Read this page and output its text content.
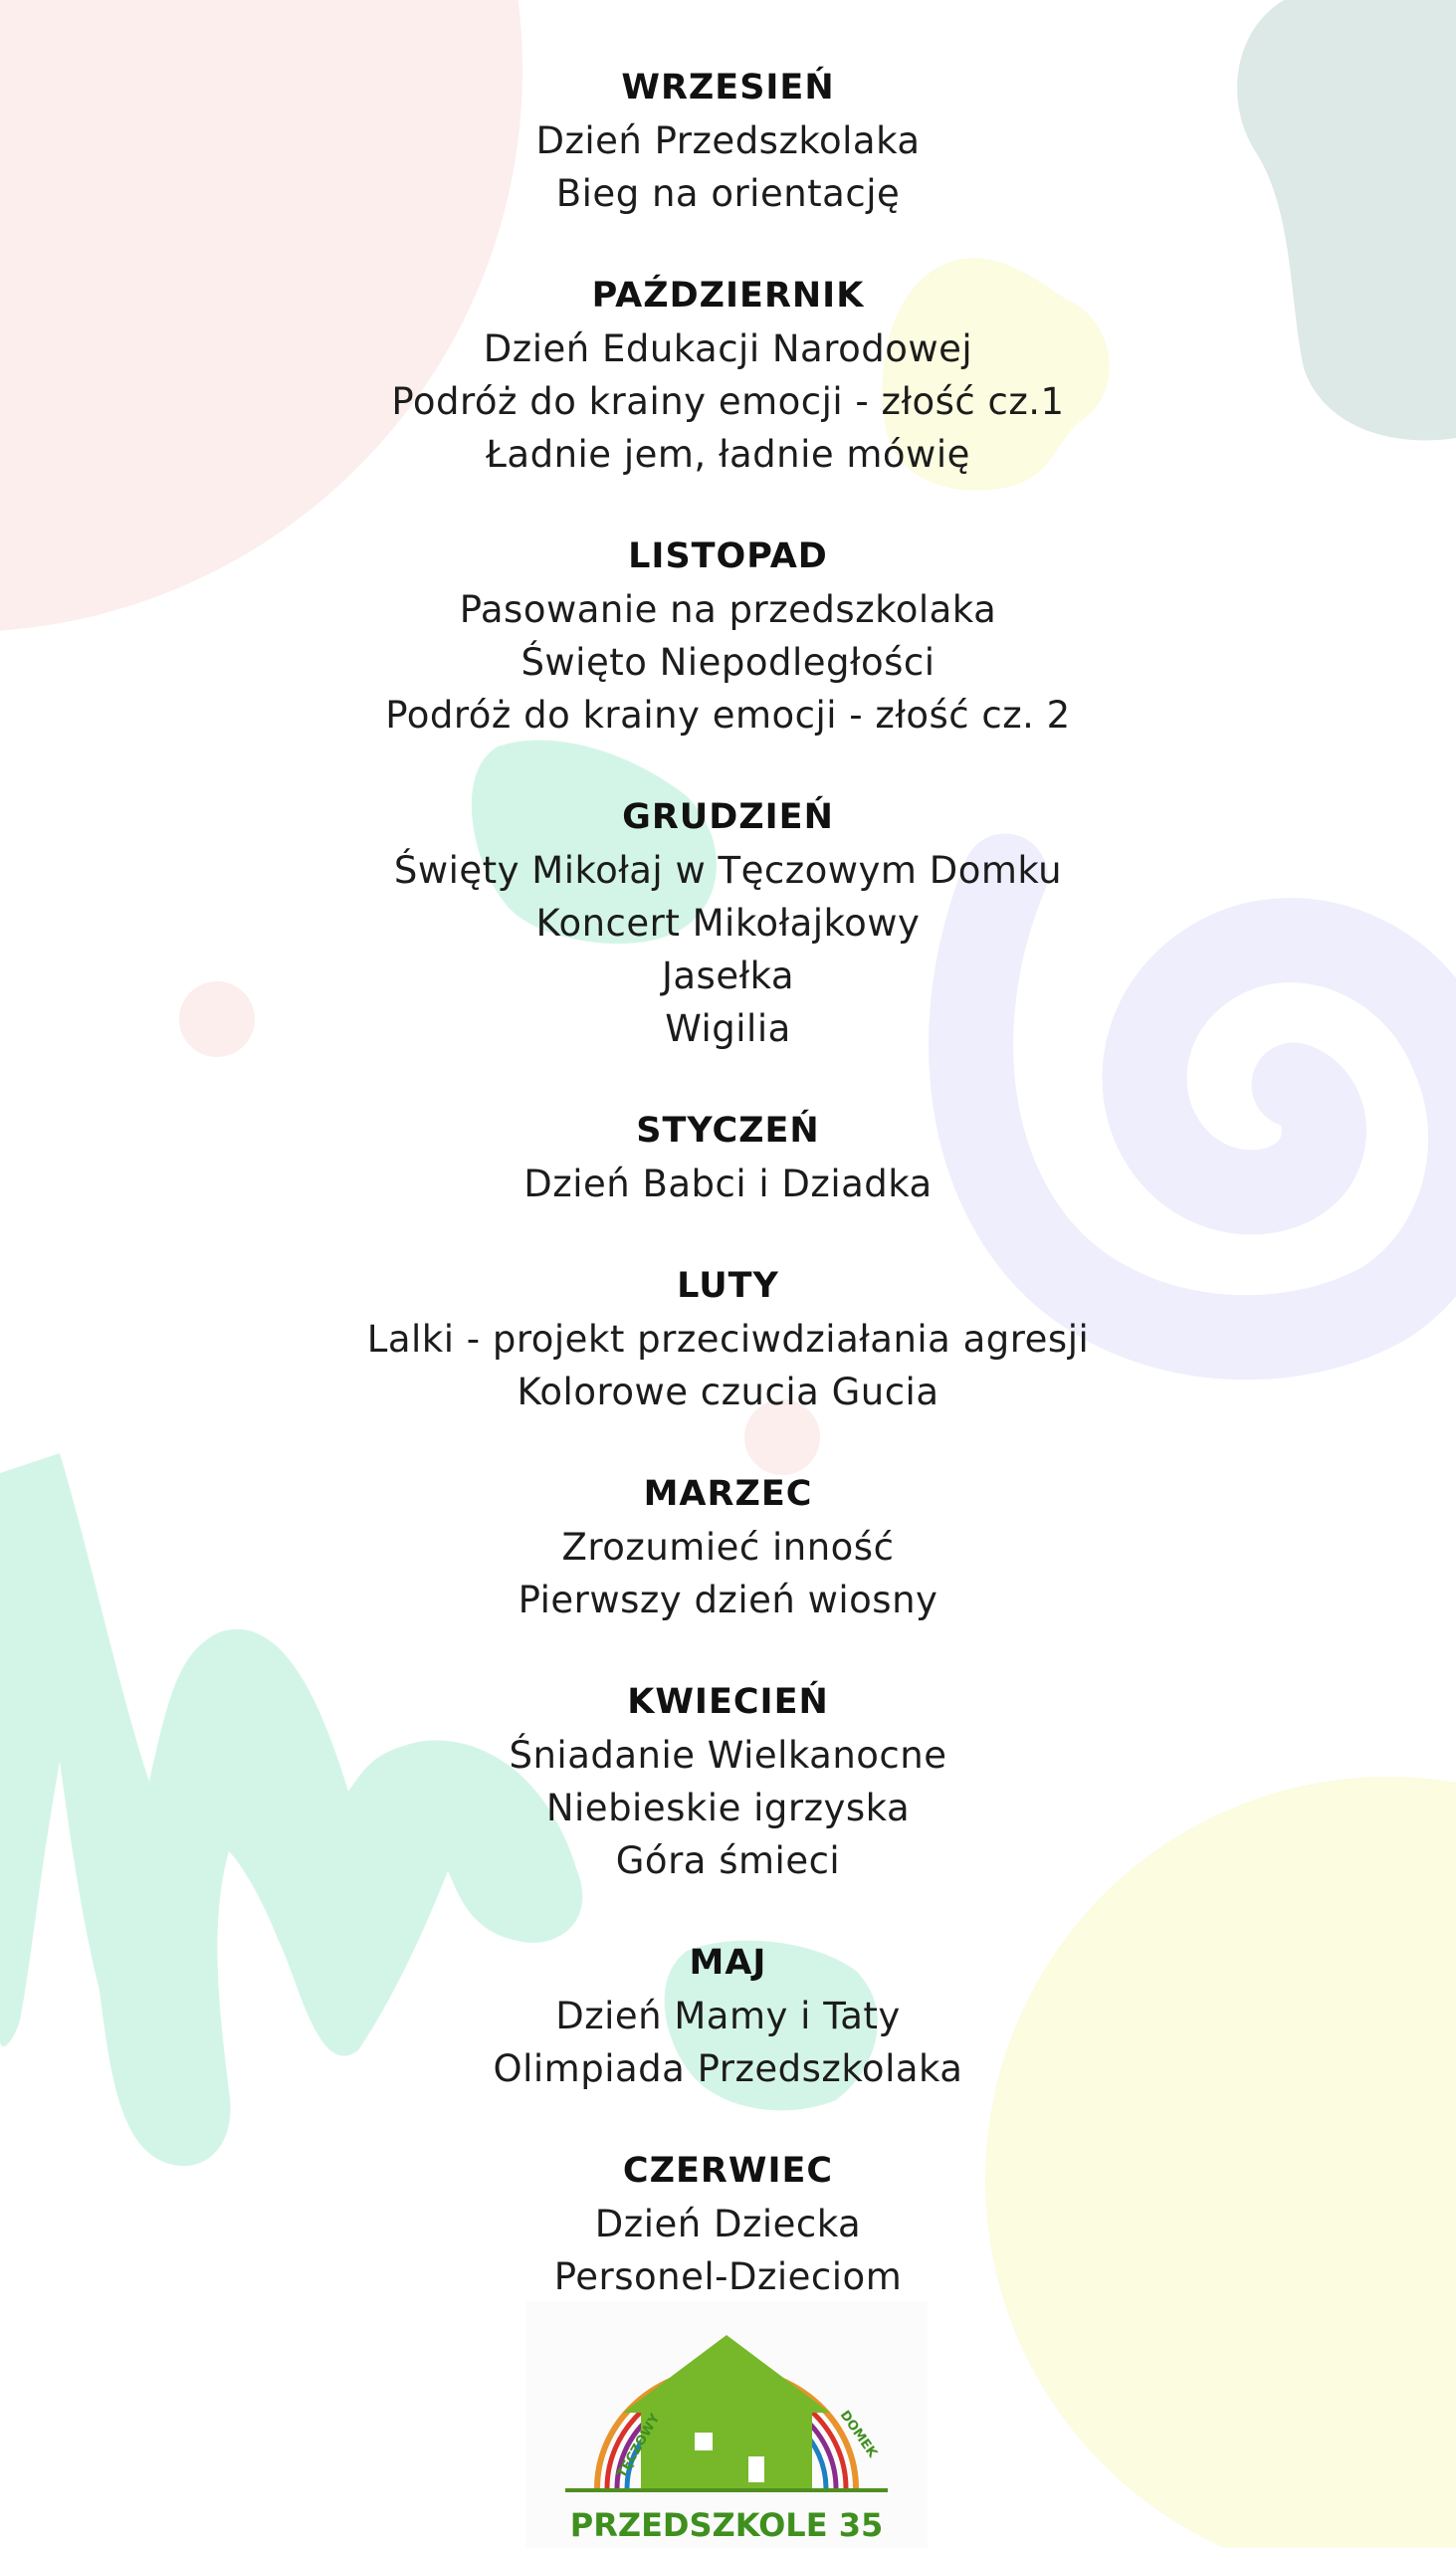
WRZESIEŃ
Dzień Przedszkolaka
Bieg na orientację
PAŹDZIERNIK
Dzień Edukacji Narodowej
Podróż do krainy emocji - złość cz.1
Ładnie jem, ładnie mówię
LISTOPAD
Pasowanie na przedszkolaka
Święto Niepodległości
Podróż do krainy emocji - złość cz. 2
GRUDZIEŃ
Święty Mikołaj w Tęczowym Domku
Koncert Mikołajkowy
Jasełka
Wigilia
STYCZEŃ
Dzień Babci i Dziadka
LUTY
Lalki - projekt przeciwdziałania agresji
Kolorowe czucia Gucia
MARZEC
Zrozumieć inność
Pierwszy dzień wiosny
KWIECIEŃ
Śniadanie Wielkanocne
Niebieskie igrzyska
Góra śmieci
MAJ
Dzień Mamy i Taty
Olimpiada Przedszkolaka
CZERWIEC
Dzień Dziecka
Personel-Dzieciom
TĘCZOWY	DOMEK
PRZEDSZKOLE 35
